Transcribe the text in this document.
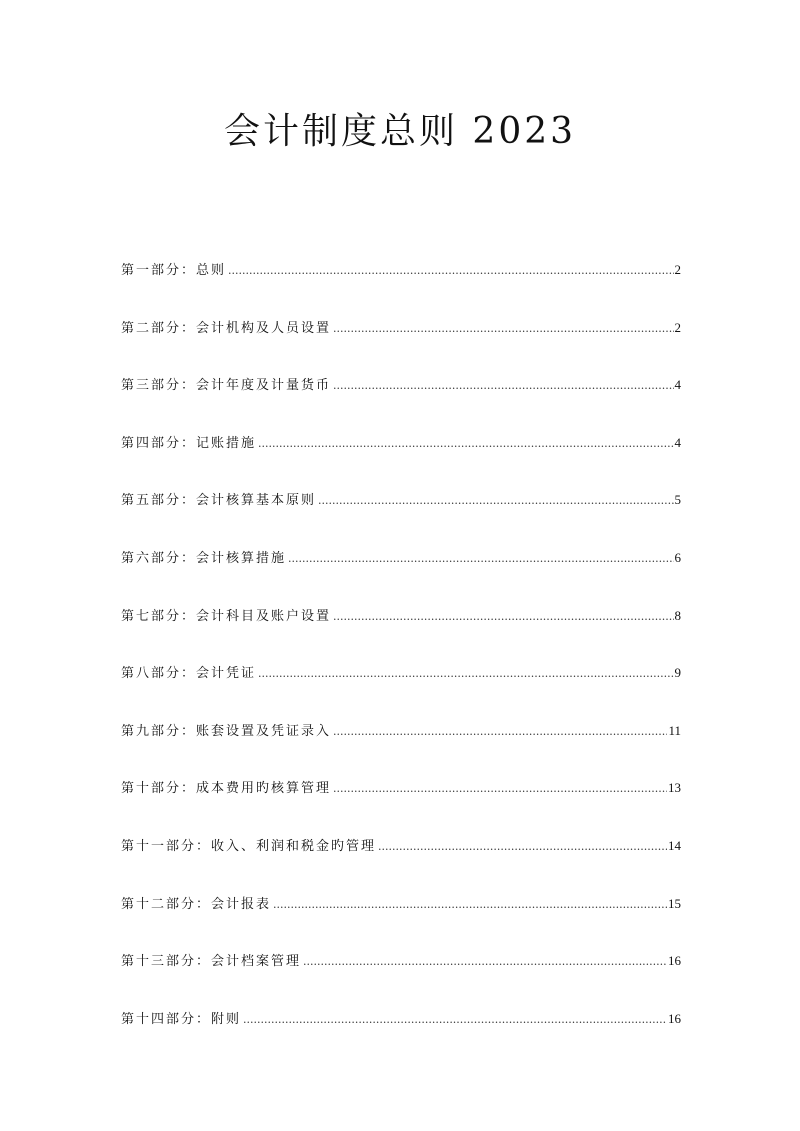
会计制度总则 2023
第一部分：总则 .....	2
第二部分：会计机构及人员设置 .....	2
第三部分：会计年度及计量货币 .....	4
第四部分：记账措施 .....	4
第五部分：会计核算基本原则 .....	5
第六部分：会计核算措施 .....	6
第七部分：会计科目及账户设置 .....	8
第八部分：会计凭证 .....	9
第九部分：账套设置及凭证录入 .....	11
第十部分：成本费用旳核算管理 .....	13
第十一部分：收入、利润和税金旳管理 .....	14
第十二部分：会计报表 .....	15
第十三部分：会计档案管理 .....	16
第十四部分：附则 .....	16
